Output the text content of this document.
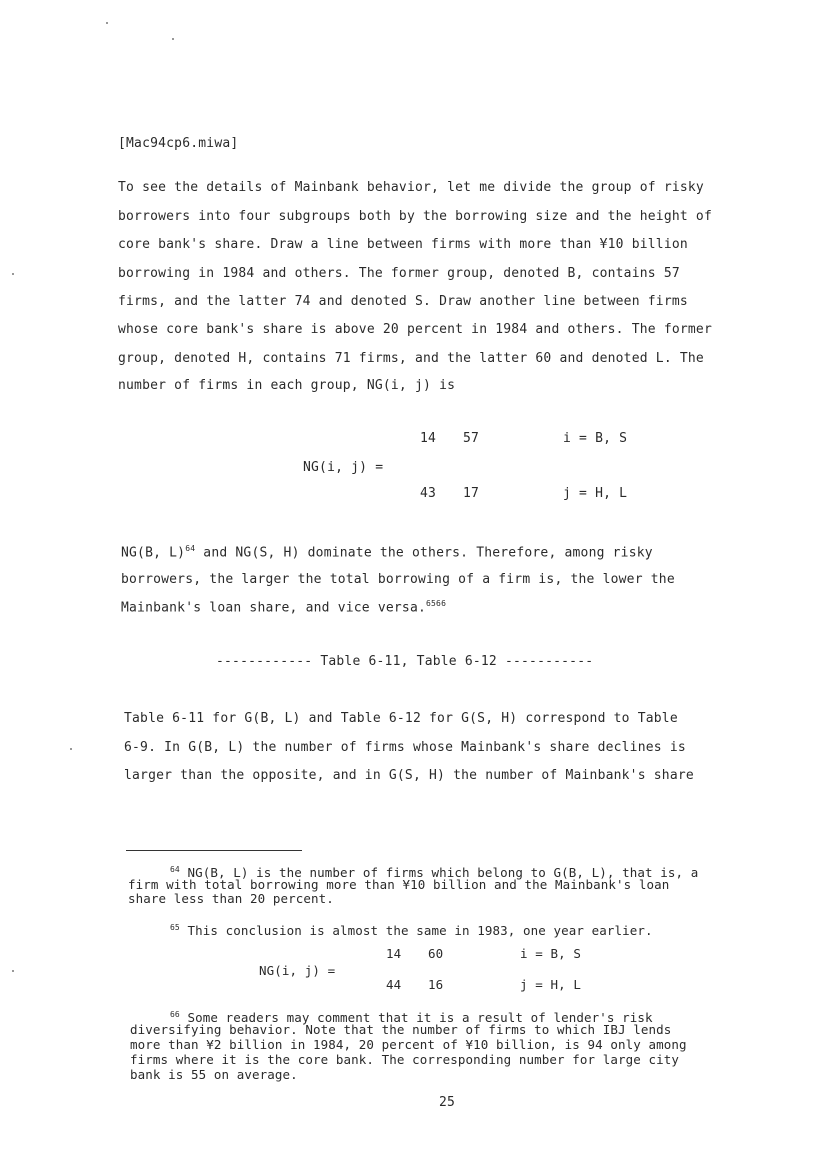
[Mac94cp6.miwa]
To see the details of Mainbank behavior, let me divide the group of risky
borrowers into four subgroups both by the borrowing size and the height of
core bank's share. Draw a line between firms with more than ¥10 billion
borrowing in 1984 and others. The former group, denoted B, contains 57
firms, and the latter 74 and denoted S. Draw another line between firms
whose core bank's share is above 20 percent in 1984 and others. The former
group, denoted H, contains 71 firms, and the latter 60 and denoted L. The
number of firms in each group, NG(i, j) is
14 57	i = B, S
NG(i, j) =
43 17	j = H, L
NG(B, L)$^{64}$ and NG(S, H) dominate the others. Therefore, among risky
borrowers, the larger the total borrowing of a firm is, the lower the
Mainbank's loan share, and vice versa.$^{6566}$
------------ Table 6-11, Table 6-12 -----------
Table 6-11 for G(B, L) and Table 6-12 for G(S, H) correspond to Table
6-9. In G(B, L) the number of firms whose Mainbank's share declines is
larger than the opposite, and in G(S, H) the number of Mainbank's share
$^{64}$ NG(B, L) is the number of firms which belong to G(B, L), that is, a
firm with total borrowing more than ¥10 billion and the Mainbank's loan
share less than 20 percent.
$^{65}$ This conclusion is almost the same in 1983, one year earlier.
14 60	i = B, S
NG(i, j) =
44 16	j = H, L
$^{66}$ Some readers may comment that it is a result of lender's risk
diversifying behavior. Note that the number of firms to which IBJ lends
more than ¥2 billion in 1984, 20 percent of ¥10 billion, is 94 only among
firms where it is the core bank. The corresponding number for large city
bank is 55 on average.
25
